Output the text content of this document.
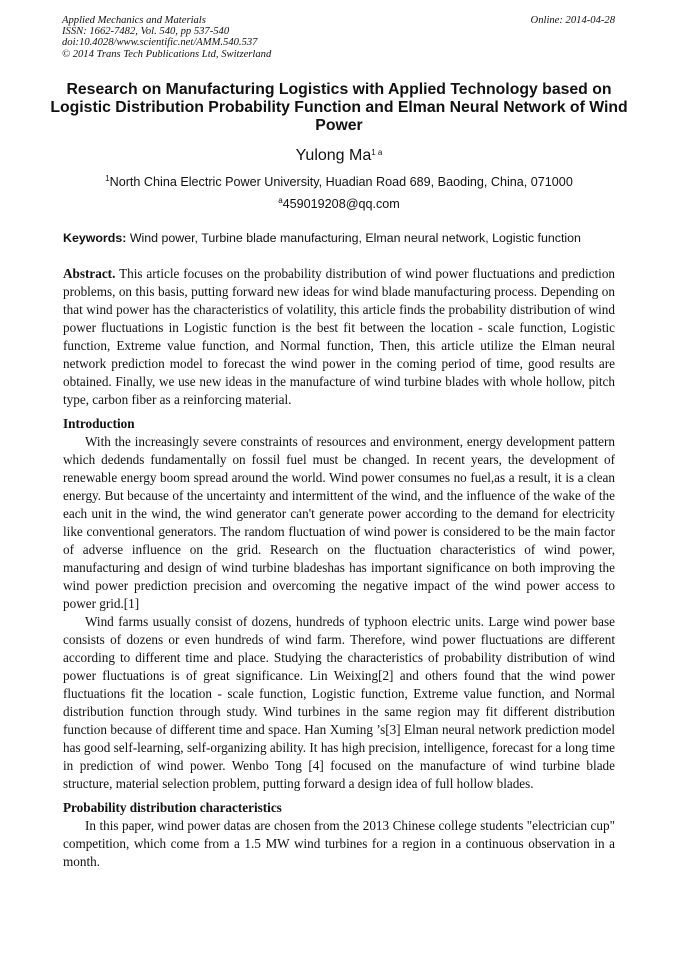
Applied Mechanics and Materials
ISSN: 1662-7482, Vol. 540, pp 537-540
doi:10.4028/www.scientific.net/AMM.540.537
© 2014 Trans Tech Publications Ltd, Switzerland
Online: 2014-04-28
Research on Manufacturing Logistics with Applied Technology based on Logistic Distribution Probability Function and Elman Neural Network of Wind Power
Yulong $Ma^{1 a}$
$^1$North China Electric Power University, Huadian Road 689, Baoding, China, 071000
$^a$459019208@qq.com
Keywords: Wind power, Turbine blade manufacturing, Elman neural network, Logistic function

Abstract. This article focuses on the probability distribution of wind power fluctuations and prediction problems, on this basis, putting forward new ideas for wind blade manufacturing process. Depending on that wind power has the characteristics of volatility, this article finds the probability distribution of wind power fluctuations in Logistic function is the best fit between the location - scale function, Logistic function, Extreme value function, and Normal function, Then, this article utilize the Elman neural network prediction model to forecast the wind power in the coming period of time, good results are obtained. Finally, we use new ideas in the manufacture of wind turbine blades with whole hollow, pitch type, carbon fiber as a reinforcing material.

Introduction

With the increasingly severe constraints of resources and environment, energy development pattern which dedends fundamentally on fossil fuel must be changed. In recent years, the development of renewable energy boom spread around the world. Wind power consumes no fuel,as a result, it is a clean energy. But because of the uncertainty and intermittent of the wind, and the influence of the wake of the each unit in the wind, the wind generator can't generate power according to the demand for electricity like conventional generators. The random fluctuation of wind power is considered to be the main factor of adverse influence on the grid. Research on the fluctuation characteristics of wind power, manufacturing and design of wind turbine bladeshas has important significance on both improving the wind power prediction precision and overcoming the negative impact of the wind power access to power grid.[1]

Wind farms usually consist of dozens, hundreds of typhoon electric units. Large wind power base consists of dozens or even hundreds of wind farm. Therefore, wind power fluctuations are different according to different time and place. Studying the characteristics of probability distribution of wind power fluctuations is of great significance. Lin Weixing[2] and others found that the wind power fluctuations fit the location - scale function, Logistic function, Extreme value function, and Normal distribution function through study. Wind turbines in the same region may fit different distribution function because of different time and space. Han Xuming ’s[3] Elman neural network prediction model has good self-learning, self-organizing ability. It has high precision, intelligence, forecast for a long time in prediction of wind power. Wenbo Tong [4] focused on the manufacture of wind turbine blade structure, material selection problem, putting forward a design idea of full hollow blades.

Probability distribution characteristics

In this paper, wind power datas are chosen from the 2013 Chinese college students "electrician cup" competition, which come from a 1.5 MW wind turbines for a region in a continuous observation in a month.
